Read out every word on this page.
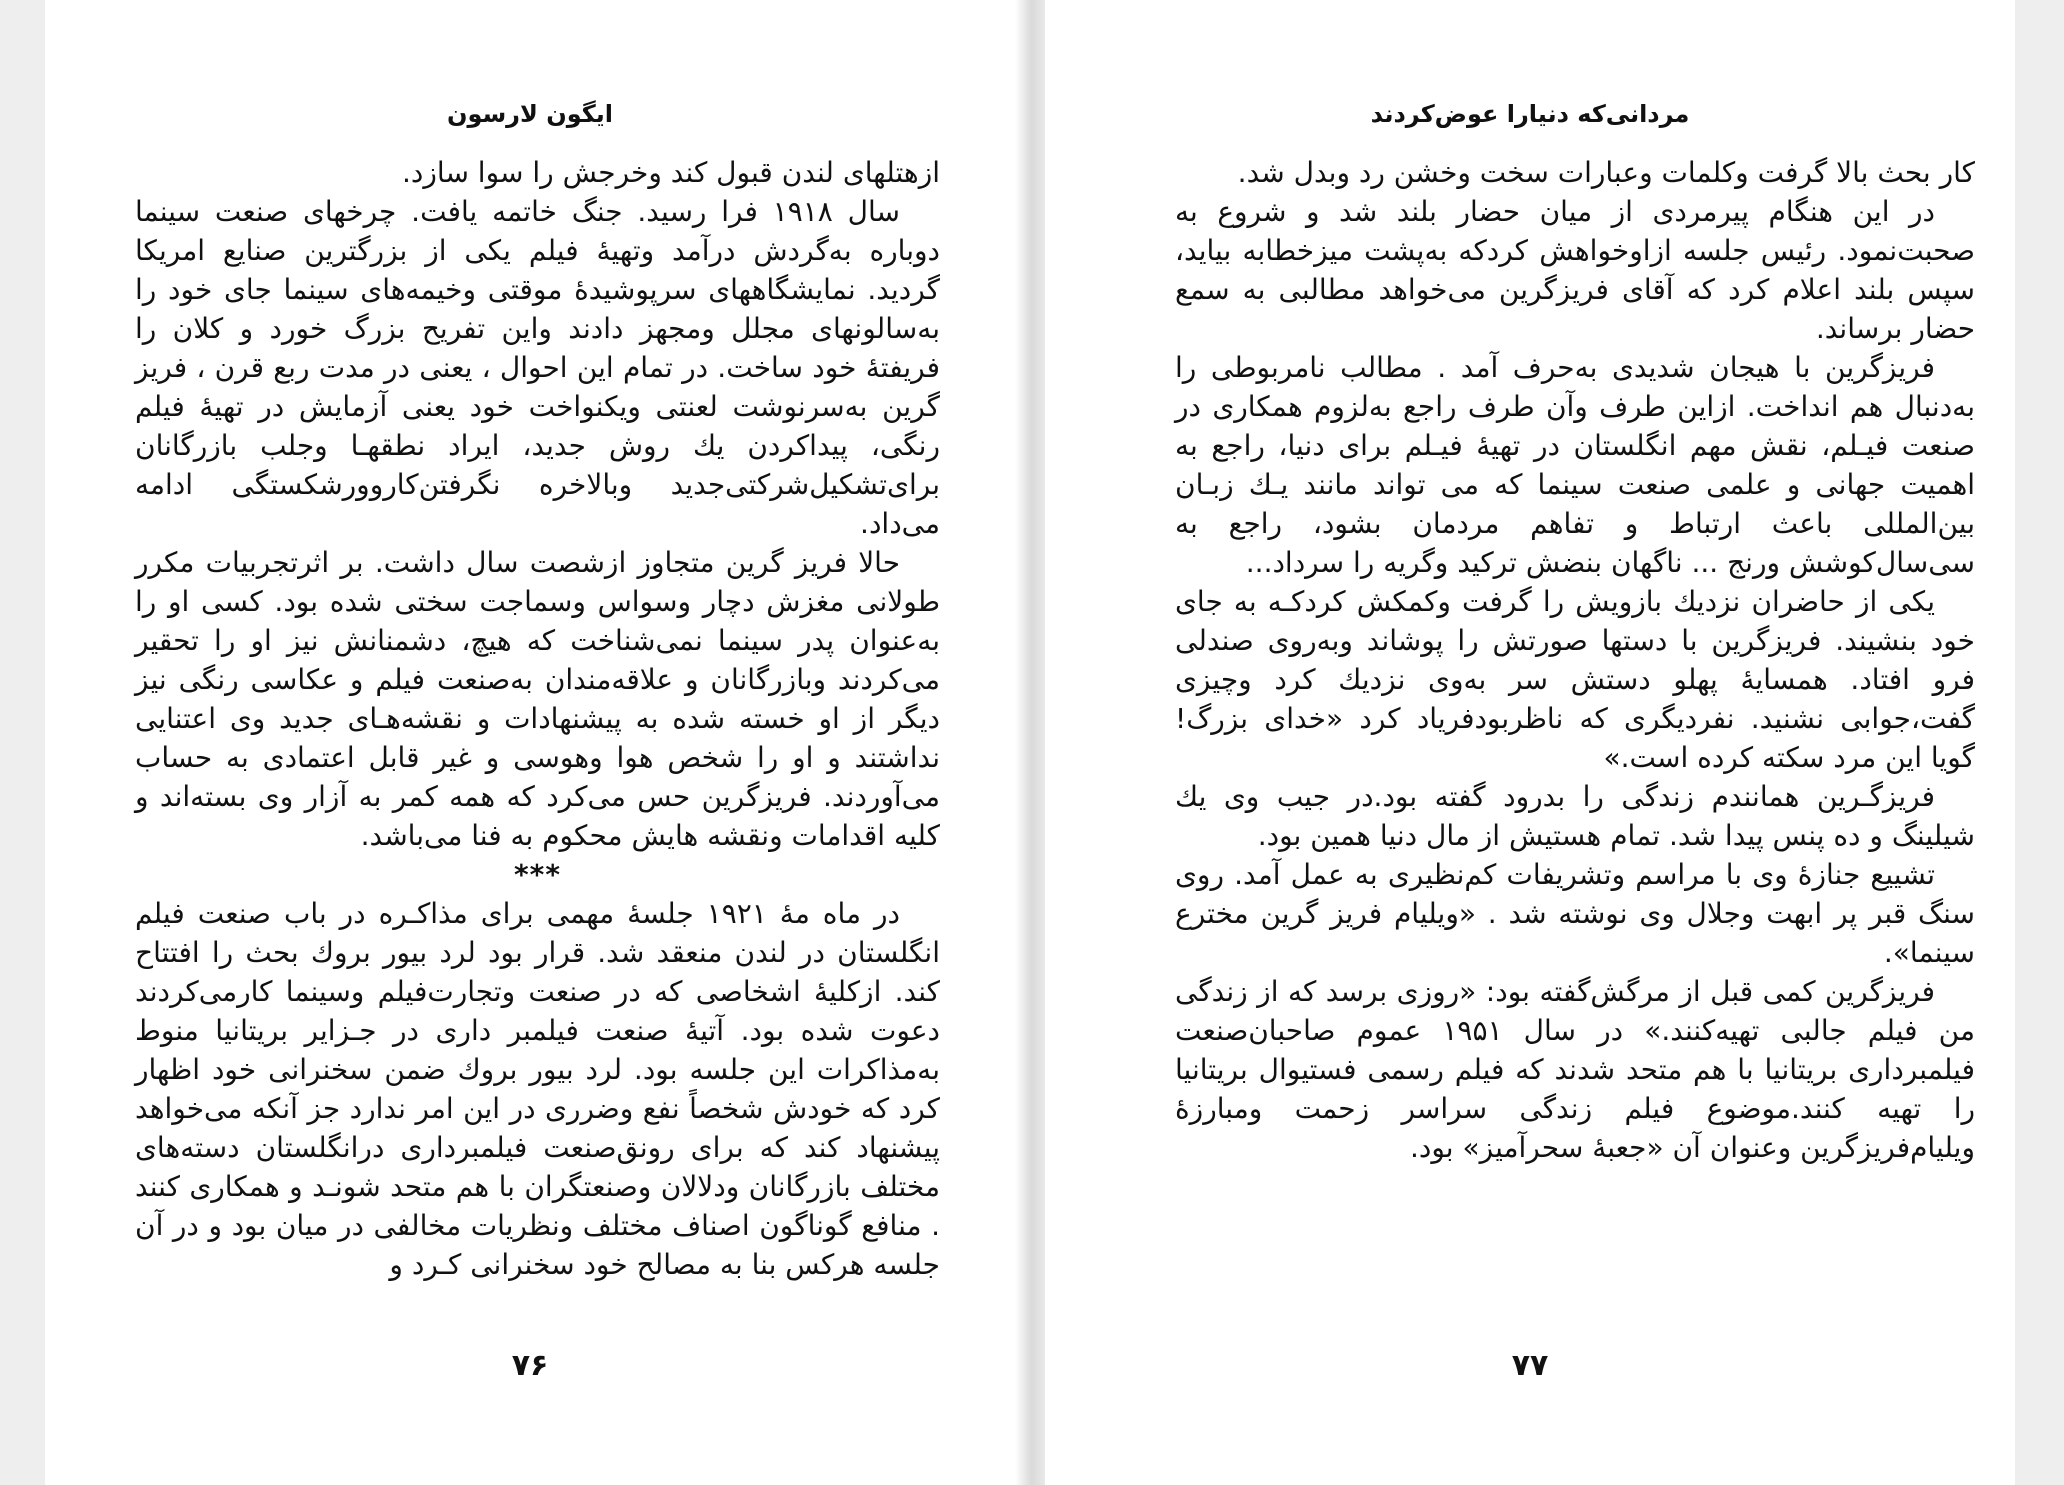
ایگون لارسون

ازهتلهای لندن قبول کند وخرجش را سوا سازد.

سال ۱۹۱۸ فرا رسید. جنگ خاتمه یافت. چرخهای صنعت سینما دوباره به‌گردش درآمد وتهیهٔ فیلم یکی از بزرگترین صنایع امریکا گردید. نمایشگاههای سرپوشیدهٔ موقتی وخیمه‌های سینما جای خود را به‌سالونهای مجلل ومجهز دادند واین تفریح بزرگ خورد و کلان را فریفتهٔ خود ساخت. در تمام این احوال ، یعنی در مدت ربع قرن ، فریز گرین به‌سرنوشت لعنتی ویکنواخت خود یعنی آزمایش در تهیهٔ فیلم رنگی، پیداکردن یك روش جدید، ایراد نطقهـا وجلب بازرگانان برای‌تشکیل‌شرکتی‌جدید وبالاخره نگرفتن‌کاروورشکستگی ادامه می‌داد.

حالا فریز گرین متجاوز ازشصت سال داشت. بر اثرتجربیات مکرر طولانی مغزش دچار وسواس وسماجت سختی شده بود. کسی او را به‌عنوان پدر سینما نمی‌شناخت که هیچ، دشمنانش نیز او را تحقیر می‌کردند وبازرگانان و علاقه‌مندان به‌صنعت فیلم و عکاسی رنگی نیز دیگر از او خسته شده به پیشنهادات و نقشه‌هـای جدید وی اعتنایی نداشتند و او را شخص هوا وهوسی و غیر قابل اعتمادی به حساب می‌آوردند. فریزگرین حس می‌کرد که همه کمر به آزار وی بسته‌اند و کلیه اقدامات ونقشه هایش محکوم به فنا می‌باشد.

***

در ماه مهٔ ۱۹۲۱ جلسهٔ مهمی برای مذاکـره در باب صنعت فیلم انگلستان در لندن منعقد شد. قرار بود لرد بیور بروك بحث را افتتاح کند. ازکلیهٔ اشخاصی که در صنعت وتجارت‌فیلم وسینما کارمی‌کردند دعوت شده بود. آتیهٔ صنعت فیلمبر داری در جـزایر بریتانیا منوط به‌مذاکرات این جلسه بود. لرد بیور بروك ضمن سخنرانی خود اظهار کرد که خودش شخصاً نفع وضرری در این امر ندارد جز آنکه می‌خواهد پیشنهاد کند که برای رونق‌صنعت فیلمبرداری درانگلستان دسته‌های مختلف بازرگانان ودلالان وصنعتگران با هم متحد شونـد و همکاری کنند . منافع گوناگون اصناف مختلف ونظریات مخالفی در میان بود و در آن جلسه هرکس بنا به مصالح خود سخنرانی کـرد و

۷۶
مردانی‌که دنیارا عوض‌کردند

کار بحث بالا گرفت وکلمات وعبارات سخت وخشن رد وبدل شد.

در این هنگام پیرمردی از میان حضار بلند شد و شروع به صحبت‌نمود. رئیس جلسه ازاوخواهش کردکه به‌پشت میزخطابه بیاید، سپس بلند اعلام کرد که آقای فریزگرین می‌خواهد مطالبی به سمع حضار برساند.

فریزگرین با هیجان شدیدی به‌حرف آمد . مطالب نامربوطی را به‌دنبال هم انداخت. ازاین طرف وآن طرف راجع به‌لزوم همکاری در صنعت فیـلم، نقش مهم انگلستان در تهیهٔ فیـلم برای دنیا، راجع به اهمیت جهانی و علمی صنعت سینما که می تواند مانند یـك زبـان بین‌المللی باعث ارتباط و تفاهم مردمان بشود، راجع به سی‌سال‌کوشش ورنج ... ناگهان بنضش ترکید وگریه را سرداد...

یکی از حاضران نزدیك بازویش را گرفت وکمکش کردکـه به جای خود بنشیند. فریزگرین با دستها صورتش را پوشاند وبه‌روی صندلی فرو افتاد. همسایهٔ پهلو دستش سر به‌وی نزدیك کرد وچیزی گفت،جوابی نشنید. نفردیگری که ناظربودفریاد کرد «خدای بزرگ! گویا این مرد سکته کرده است.»

فریزگـرین همانندم زندگی را بدرود گفته بود.در جیب وی یك شیلینگ و ده پنس پیدا شد. تمام هستیش از مال دنیا همین بود.

تشییع جنازهٔ وی با مراسم وتشریفات کم‌نظیری به عمل آمد. روی سنگ قبر پر ابهت وجلال وی نوشته شد . «ویلیام فریز گرین مخترع سینما».

فریزگرین کمی قبل از مرگش‌گفته بود: «روزی برسد که از زندگی من فیلم جالبی تهیه‌کنند.» در سال ۱۹۵۱ عموم صاحبان‌صنعت فیلمبرداری بریتانیا با هم متحد شدند که فیلم رسمی فستیوال بریتانیا را تهیه کنند.موضوع فیلم زندگی سراسر زحمت ومبارزهٔ ویلیام‌فریز‌گرین وعنوان آن «جعبهٔ سحرآمیز» بود.

۷۷
